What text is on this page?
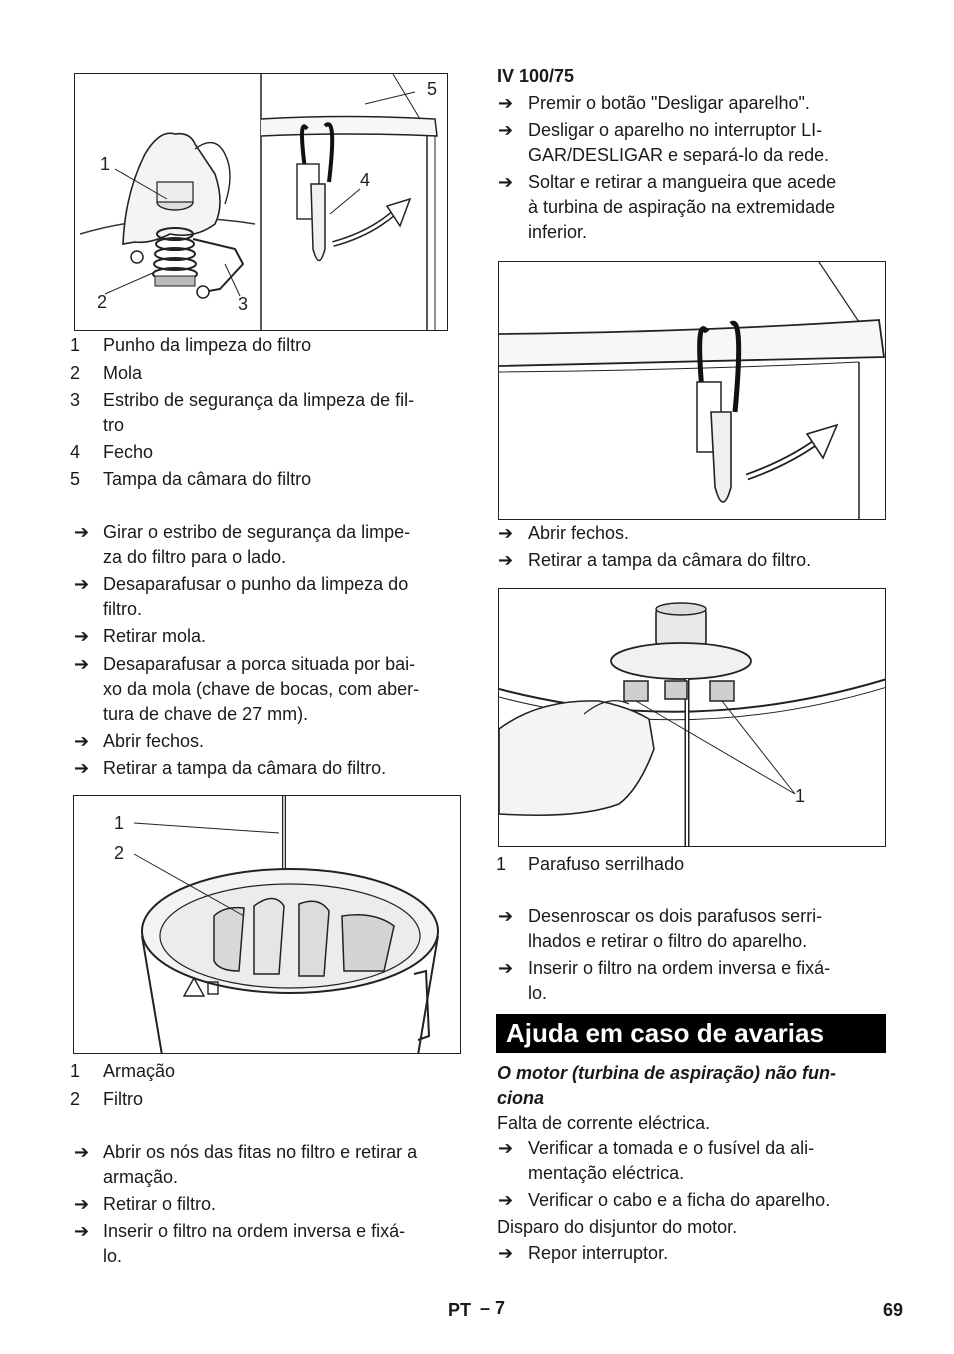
1
2	3
4
5
1 Punho da limpeza do filtro
2 Mola
3 Estribo de segurança da limpeza de fil-
tro
4 Fecho
5 Tampa da câmara do filtro
➔ Girar o estribo de segurança da limpe-
za do filtro para o lado.
➔ Desaparafusar o punho da limpeza do
filtro.
➔ Retirar mola.
➔ Desaparafusar a porca situada por bai-
xo da mola (chave de bocas, com aber-
tura de chave de 27 mm).
➔ Abrir fechos.
➔ Retirar a tampa da câmara do filtro.
1
2
1 Armação
2 Filtro
➔ Abrir os nós das fitas no filtro e retirar a
armação.
➔ Retirar o filtro.
➔ Inserir o filtro na ordem inversa e fixá-
lo.
IV 100/75
➔ Premir o botão "Desligar aparelho".
➔ Desligar o aparelho no interruptor LI-
GAR/DESLIGAR e separá-lo da rede.
➔ Soltar e retirar a mangueira que acede
à turbina de aspiração na extremidade
inferior.
➔ Abrir fechos.
➔ Retirar a tampa da câmara do filtro.
1
1 Parafuso serrilhado
➔ Desenroscar os dois parafusos serri-
lhados e retirar o filtro do aparelho.
➔ Inserir o filtro na ordem inversa e fixá-
lo.
Ajuda em caso de avarias
O motor (turbina de aspiração) não fun-
ciona
Falta de corrente eléctrica.
➔ Verificar a tomada e o fusível da ali-
mentação eléctrica.
➔ Verificar o cabo e a ficha do aparelho.
Disparo do disjuntor do motor.
➔ Repor interruptor.
PT – 7	69
